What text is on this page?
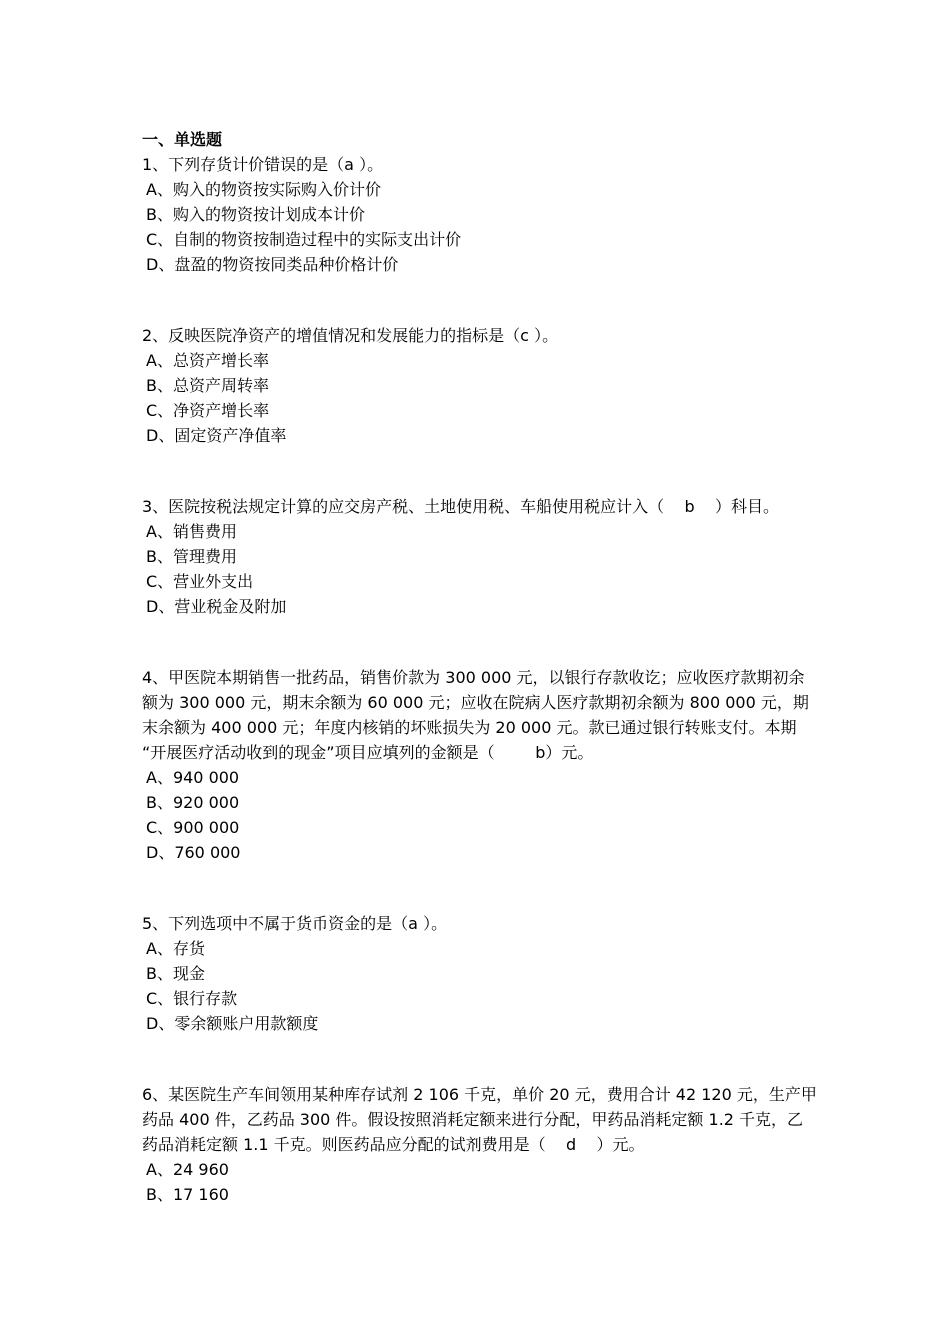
一、单选题
1、下列存货计价错误的是（a ）。
A、购入的物资按实际购入价计价
B、购入的物资按计划成本计价
C、自制的物资按制造过程中的实际支出计价
D、盘盈的物资按同类品种价格计价
2、反映医院净资产的增值情况和发展能力的指标是（c ）。
A、总资产增长率
B、总资产周转率
C、净资产增长率
D、固定资产净值率
3、医院按税法规定计算的应交房产税、土地使用税、车船使用税应计入（    b    ）科目。
A、销售费用
B、管理费用
C、营业外支出
D、营业税金及附加
4、甲医院本期销售一批药品，销售价款为 300 000 元，以银行存款收讫；应收医疗款期初余
额为 300 000 元，期末余额为 60 000 元；应收在院病人医疗款期初余额为 800 000 元，期
末余额为 400 000 元；年度内核销的坏账损失为 20 000 元。款已通过银行转账支付。本期
“开展医疗活动收到的现金”项目应填列的金额是（        b）元。
A、940 000
B、920 000
C、900 000
D、760 000
5、下列选项中不属于货币资金的是（a ）。
A、存货
B、现金
C、银行存款
D、零余额账户用款额度
6、某医院生产车间领用某种库存试剂 2 106 千克，单价 20 元，费用合计 42 120 元，生产甲
药品 400 件，乙药品 300 件。假设按照消耗定额来进行分配，甲药品消耗定额 1.2 千克，乙
药品消耗定额 1.1 千克。则医药品应分配的试剂费用是（    d    ）元。
A、24 960
B、17 160
